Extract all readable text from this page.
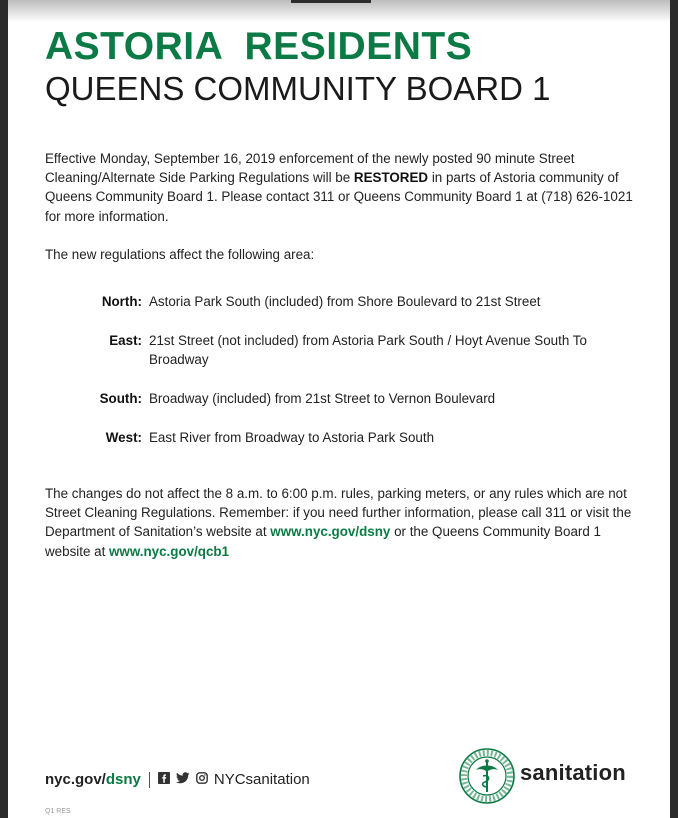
ASTORIA  RESIDENTS
QUEENS COMMUNITY BOARD 1

Effective Monday, September 16, 2019 enforcement of the newly posted 90 minute Street Cleaning/Alternate Side Parking Regulations will be RESTORED in parts of Astoria community of Queens Community Board 1. Please contact 311 or Queens Community Board 1 at (718) 626-1021 for more information.

The new regulations affect the following area:

North: Astoria Park South (included) from Shore Boulevard to 21st Street
East: 21st Street (not included) from Astoria Park South / Hoyt Avenue South To Broadway
South: Broadway (included) from 21st Street to Vernon Boulevard
West: East River from Broadway to Astoria Park South

The changes do not affect the 8 a.m. to 6:00 p.m. rules, parking meters, or any rules which are not Street Cleaning Regulations. Remember: if you need further information, please call 311 or visit the Department of Sanitation’s website at www.nyc.gov/dsny or the Queens Community Board 1 website at www.nyc.gov/qcb1

nyc.gov/dsny	NYCsanitation	sanitation
Q1 RES
